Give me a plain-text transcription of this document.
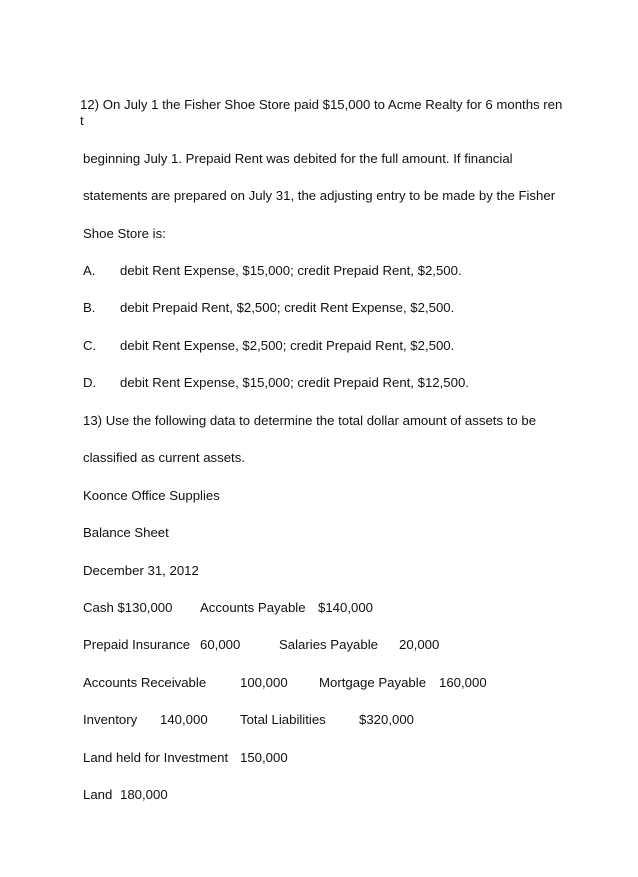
12) On July 1 the Fisher Shoe Store paid $15,000 to Acme Realty for 6 months ren
t
beginning July 1. Prepaid Rent was debited for the full amount. If financial
statements are prepared on July 31, the adjusting entry to be made by the Fisher
Shoe Store is:
A. debit Rent Expense, $15,000; credit Prepaid Rent, $2,500.
B. debit Prepaid Rent, $2,500; credit Rent Expense, $2,500.
C. debit Rent Expense, $2,500; credit Prepaid Rent, $2,500.
D. debit Rent Expense, $15,000; credit Prepaid Rent, $12,500.
13) Use the following data to determine the total dollar amount of assets to be
classified as current assets.
Koonce Office Supplies
Balance Sheet
December 31, 2012
Cash $130,000 Accounts Payable $140,000
Prepaid Insurance 60,000	Salaries Payable 20,000
Accounts Receivable	100,000 Mortgage Payable 160,000
Inventory 140,000 Total Liabilities	$320,000
Land held for Investment 150,000
Land 180,000
